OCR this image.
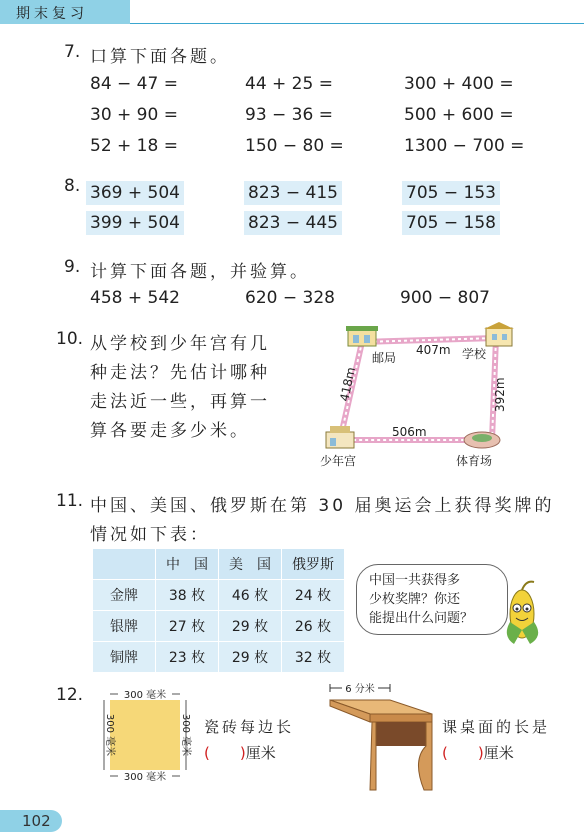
期末复习
7. 口算下面各题。
84 − 47 =	44 + 25 =	300 + 400 =
30 + 90 =	93 − 36 =	500 + 600 =
52 + 18 =	150 − 80 =	1300 − 700 =
8. 369 + 504	823 − 415	705 − 153
399 + 504	823 − 445	705 − 158
9. 计算下面各题，并验算。
458 + 542	620 − 328	900 − 807
10. 从学校到少年宫有几
种走法？先估计哪种
走法近一些，再算一
算各要走多少米。
邮局	学校
407m
418m	392m
506m
少年宫	体育场
11. 中国、美国、俄罗斯在第 30 届奥运会上获得奖牌的
情况如下表：
	中　国	美　国	俄罗斯
金牌	38 枚	46 枚	24 枚
银牌	27 枚	29 枚	26 枚
铜牌	23 枚	29 枚	32 枚
中国一共获得多
少枚奖牌？你还
能提出什么问题？
12.	300 毫米
300 毫米
300 毫米	300 毫米 瓷砖每边长
(　　)厘米
6 分米
课桌面的长是
(　　)厘米
102
